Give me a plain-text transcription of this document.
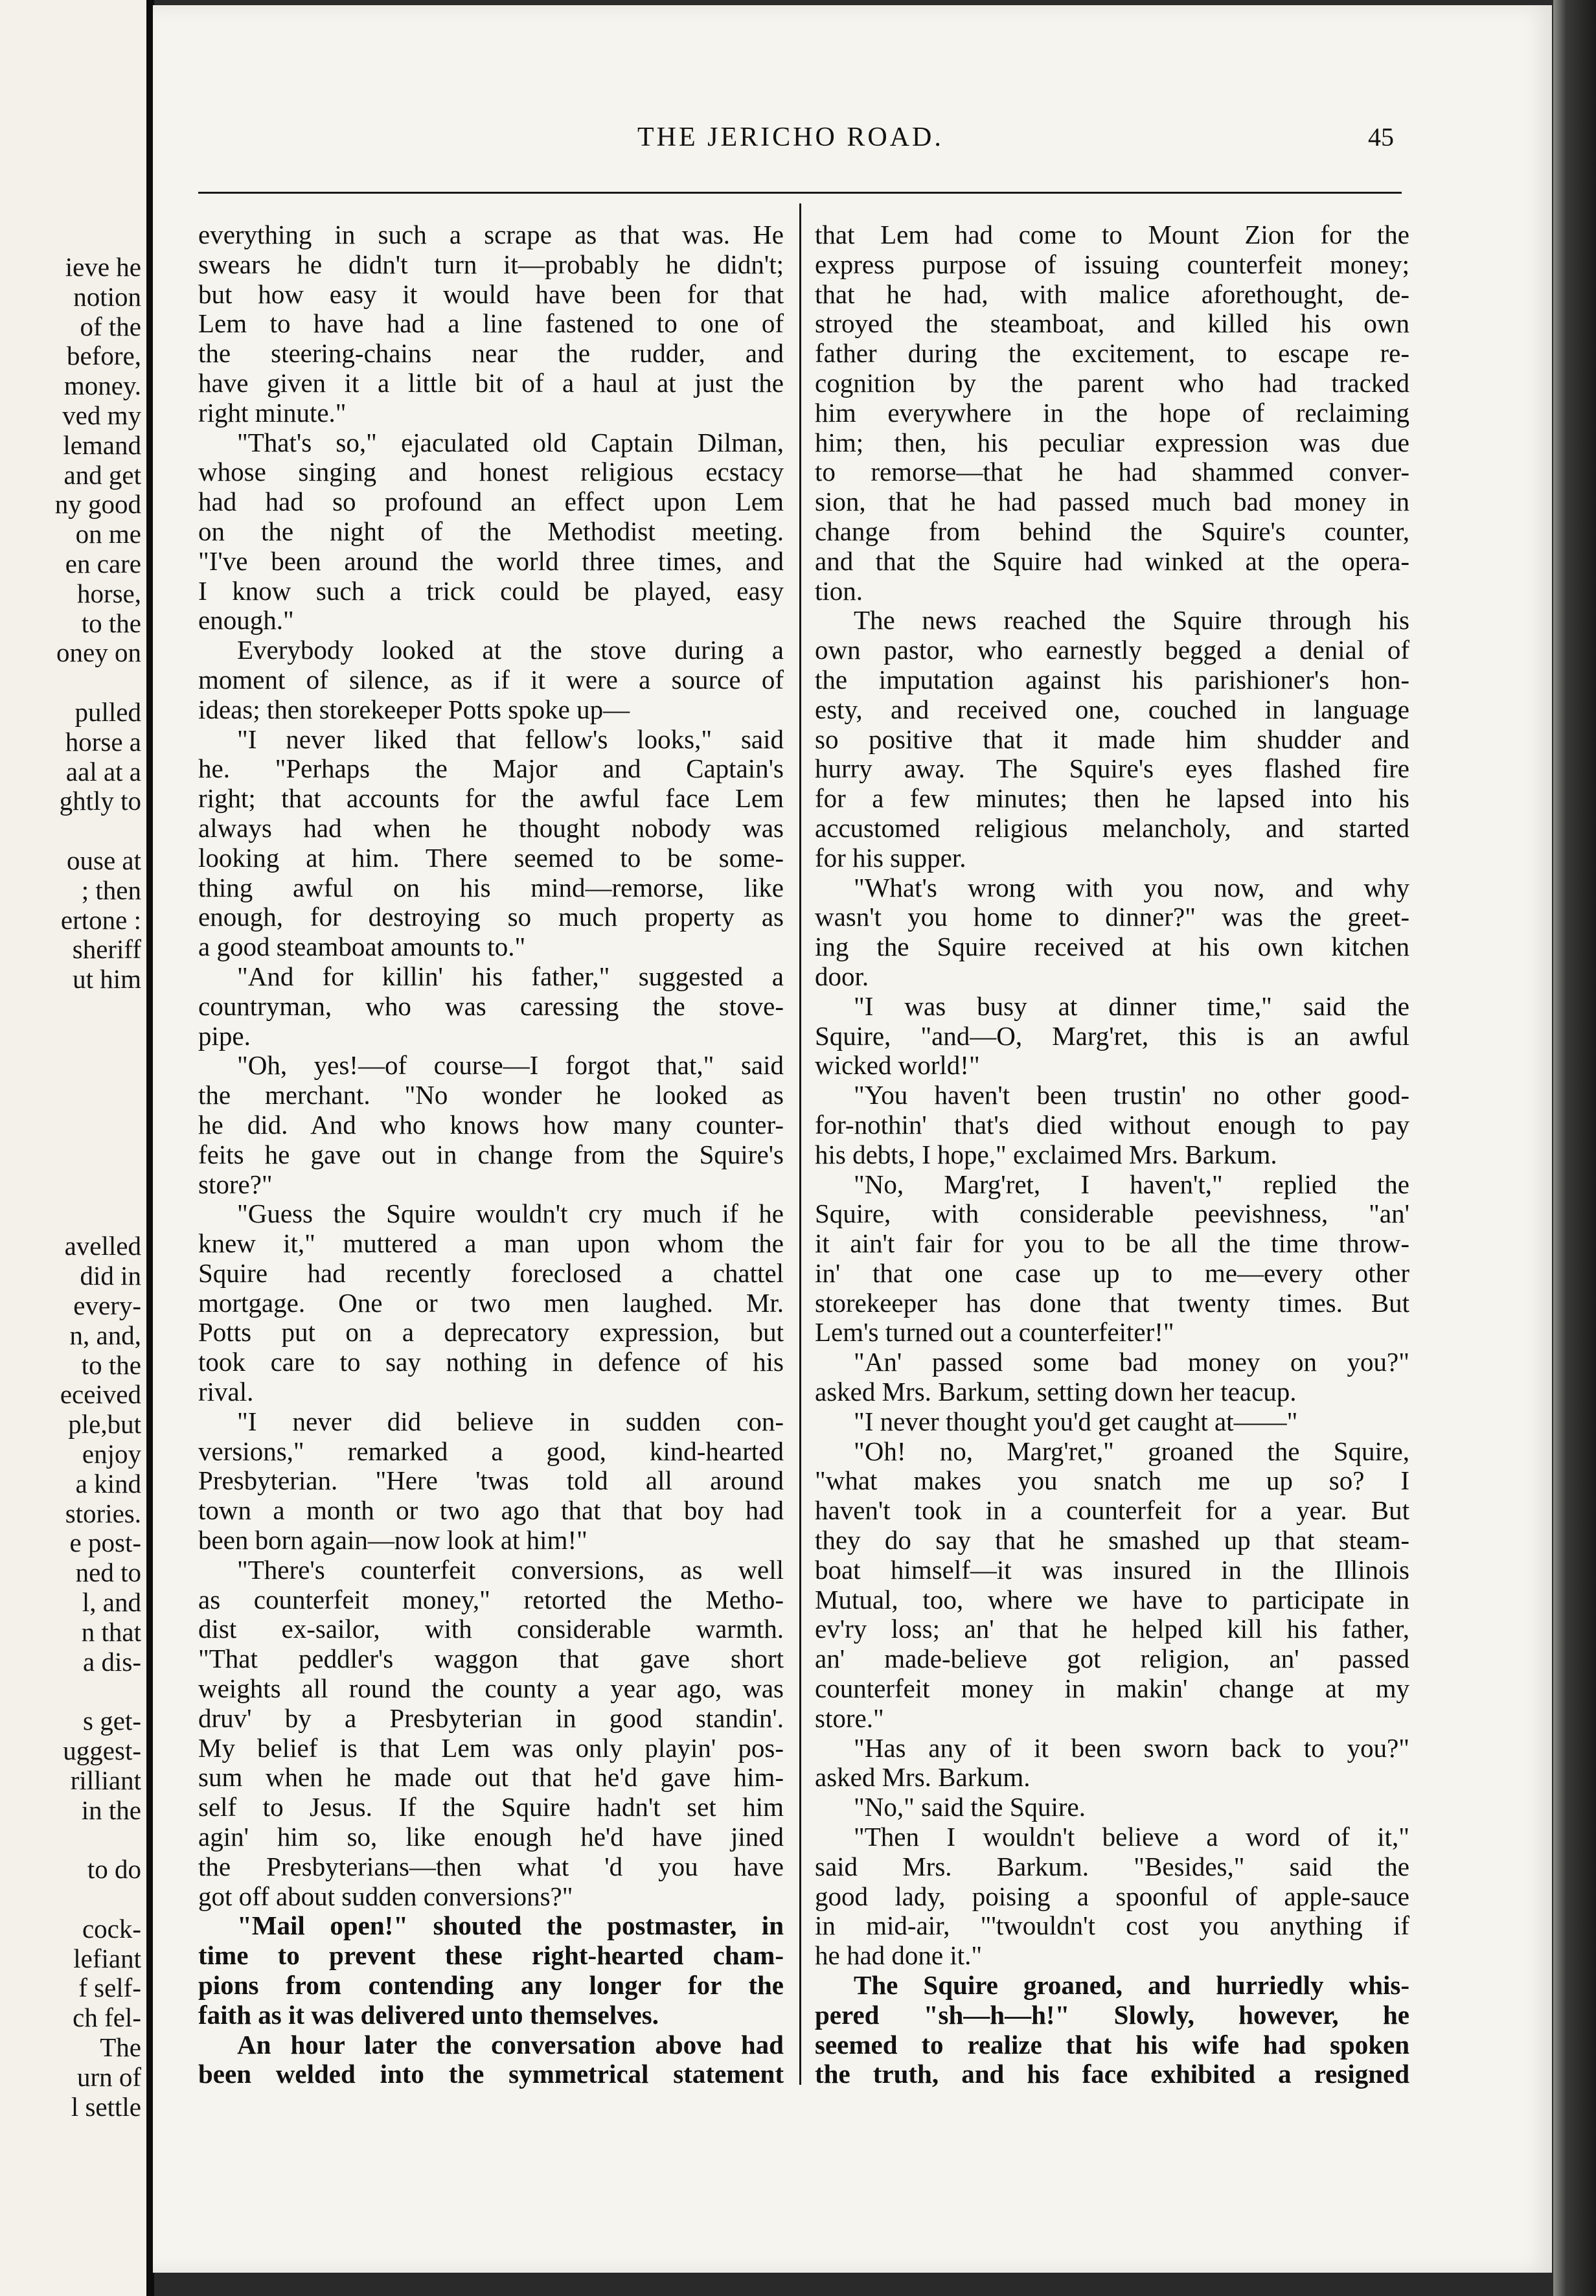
ieve he
notion
of the
before,
money.
ved my
lemand
and get
ny good
on me
en care
horse,
to the
oney on
pulled
horse a
aal at a
ghtly to
ouse at
; then
ertone :
sheriff
ut him
avelled
did in
every-
n, and,
to the
eceived
ple,but
enjoy
a kind
stories.
e post-
ned to
l, and
n that
a dis-
s get-
uggest-
rilliant
in the
to do
cock-
lefiant
f self-
ch fel-
The
urn of
l settle
THE JERICHO ROAD.	45
everything in such a scrape as that was. He
swears he didn't turn it—probably he didn't;
but how easy it would have been for that
Lem to have had a line fastened to one of
the steering-chains near the rudder, and
have given it a little bit of a haul at just the
right minute."
"That's so," ejaculated old Captain Dilman,
whose singing and honest religious ecstacy
had had so profound an effect upon Lem
on the night of the Methodist meeting.
"I've been around the world three times, and
I know such a trick could be played, easy
enough."
Everybody looked at the stove during a
moment of silence, as if it were a source of
ideas; then storekeeper Potts spoke up—
"I never liked that fellow's looks," said
he. "Perhaps the Major and Captain's
right; that accounts for the awful face Lem
always had when he thought nobody was
looking at him. There seemed to be some-
thing awful on his mind—remorse, like
enough, for destroying so much property as
a good steamboat amounts to."
"And for killin' his father," suggested a
countryman, who was caressing the stove-
pipe.
"Oh, yes!—of course—I forgot that," said
the merchant. "No wonder he looked as
he did. And who knows how many counter-
feits he gave out in change from the Squire's
store?"
"Guess the Squire wouldn't cry much if he
knew it," muttered a man upon whom the
Squire had recently foreclosed a chattel
mortgage. One or two men laughed. Mr.
Potts put on a deprecatory expression, but
took care to say nothing in defence of his
rival.
"I never did believe in sudden con-
versions," remarked a good, kind-hearted
Presbyterian. "Here 'twas told all around
town a month or two ago that that boy had
been born again—now look at him!"
"There's counterfeit conversions, as well
as counterfeit money," retorted the Metho-
dist ex-sailor, with considerable warmth.
"That peddler's waggon that gave short
weights all round the county a year ago, was
druv' by a Presbyterian in good standin'.
My belief is that Lem was only playin' pos-
sum when he made out that he'd gave him-
self to Jesus. If the Squire hadn't set him
agin' him so, like enough he'd have jined
the Presbyterians—then what 'd you have
got off about sudden conversions?"
"Mail open!" shouted the postmaster, in
time to prevent these right-hearted cham-
pions from contending any longer for the
faith as it was delivered unto themselves.
An hour later the conversation above had
been welded into the symmetrical statement
that Lem had come to Mount Zion for the
express purpose of issuing counterfeit money;
that he had, with malice aforethought, de-
stroyed the steamboat, and killed his own
father during the excitement, to escape re-
cognition by the parent who had tracked
him everywhere in the hope of reclaiming
him; then, his peculiar expression was due
to remorse—that he had shammed conver-
sion, that he had passed much bad money in
change from behind the Squire's counter,
and that the Squire had winked at the opera-
tion.
The news reached the Squire through his
own pastor, who earnestly begged a denial of
the imputation against his parishioner's hon-
esty, and received one, couched in language
so positive that it made him shudder and
hurry away. The Squire's eyes flashed fire
for a few minutes; then he lapsed into his
accustomed religious melancholy, and started
for his supper.
"What's wrong with you now, and why
wasn't you home to dinner?" was the greet-
ing the Squire received at his own kitchen
door.
"I was busy at dinner time," said the
Squire, "and—O, Marg'ret, this is an awful
wicked world!"
"You haven't been trustin' no other good-
for-nothin' that's died without enough to pay
his debts, I hope," exclaimed Mrs. Barkum.
"No, Marg'ret, I haven't," replied the
Squire, with considerable peevishness, "an'
it ain't fair for you to be all the time throw-
in' that one case up to me—every other
storekeeper has done that twenty times. But
Lem's turned out a counterfeiter!"
"An' passed some bad money on you?"
asked Mrs. Barkum, setting down her teacup.
"I never thought you'd get caught at——"
"Oh! no, Marg'ret," groaned the Squire,
"what makes you snatch me up so? I
haven't took in a counterfeit for a year. But
they do say that he smashed up that steam-
boat himself—it was insured in the Illinois
Mutual, too, where we have to participate in
ev'ry loss; an' that he helped kill his father,
an' made-believe got religion, an' passed
counterfeit money in makin' change at my
store."
"Has any of it been sworn back to you?"
asked Mrs. Barkum.
"No," said the Squire.
"Then I wouldn't believe a word of it,"
said Mrs. Barkum. "Besides," said the
good lady, poising a spoonful of apple-sauce
in mid-air, "'twouldn't cost you anything if
he had done it."
The Squire groaned, and hurriedly whis-
pered "sh—h—h!" Slowly, however, he
seemed to realize that his wife had spoken
the truth, and his face exhibited a resigned
